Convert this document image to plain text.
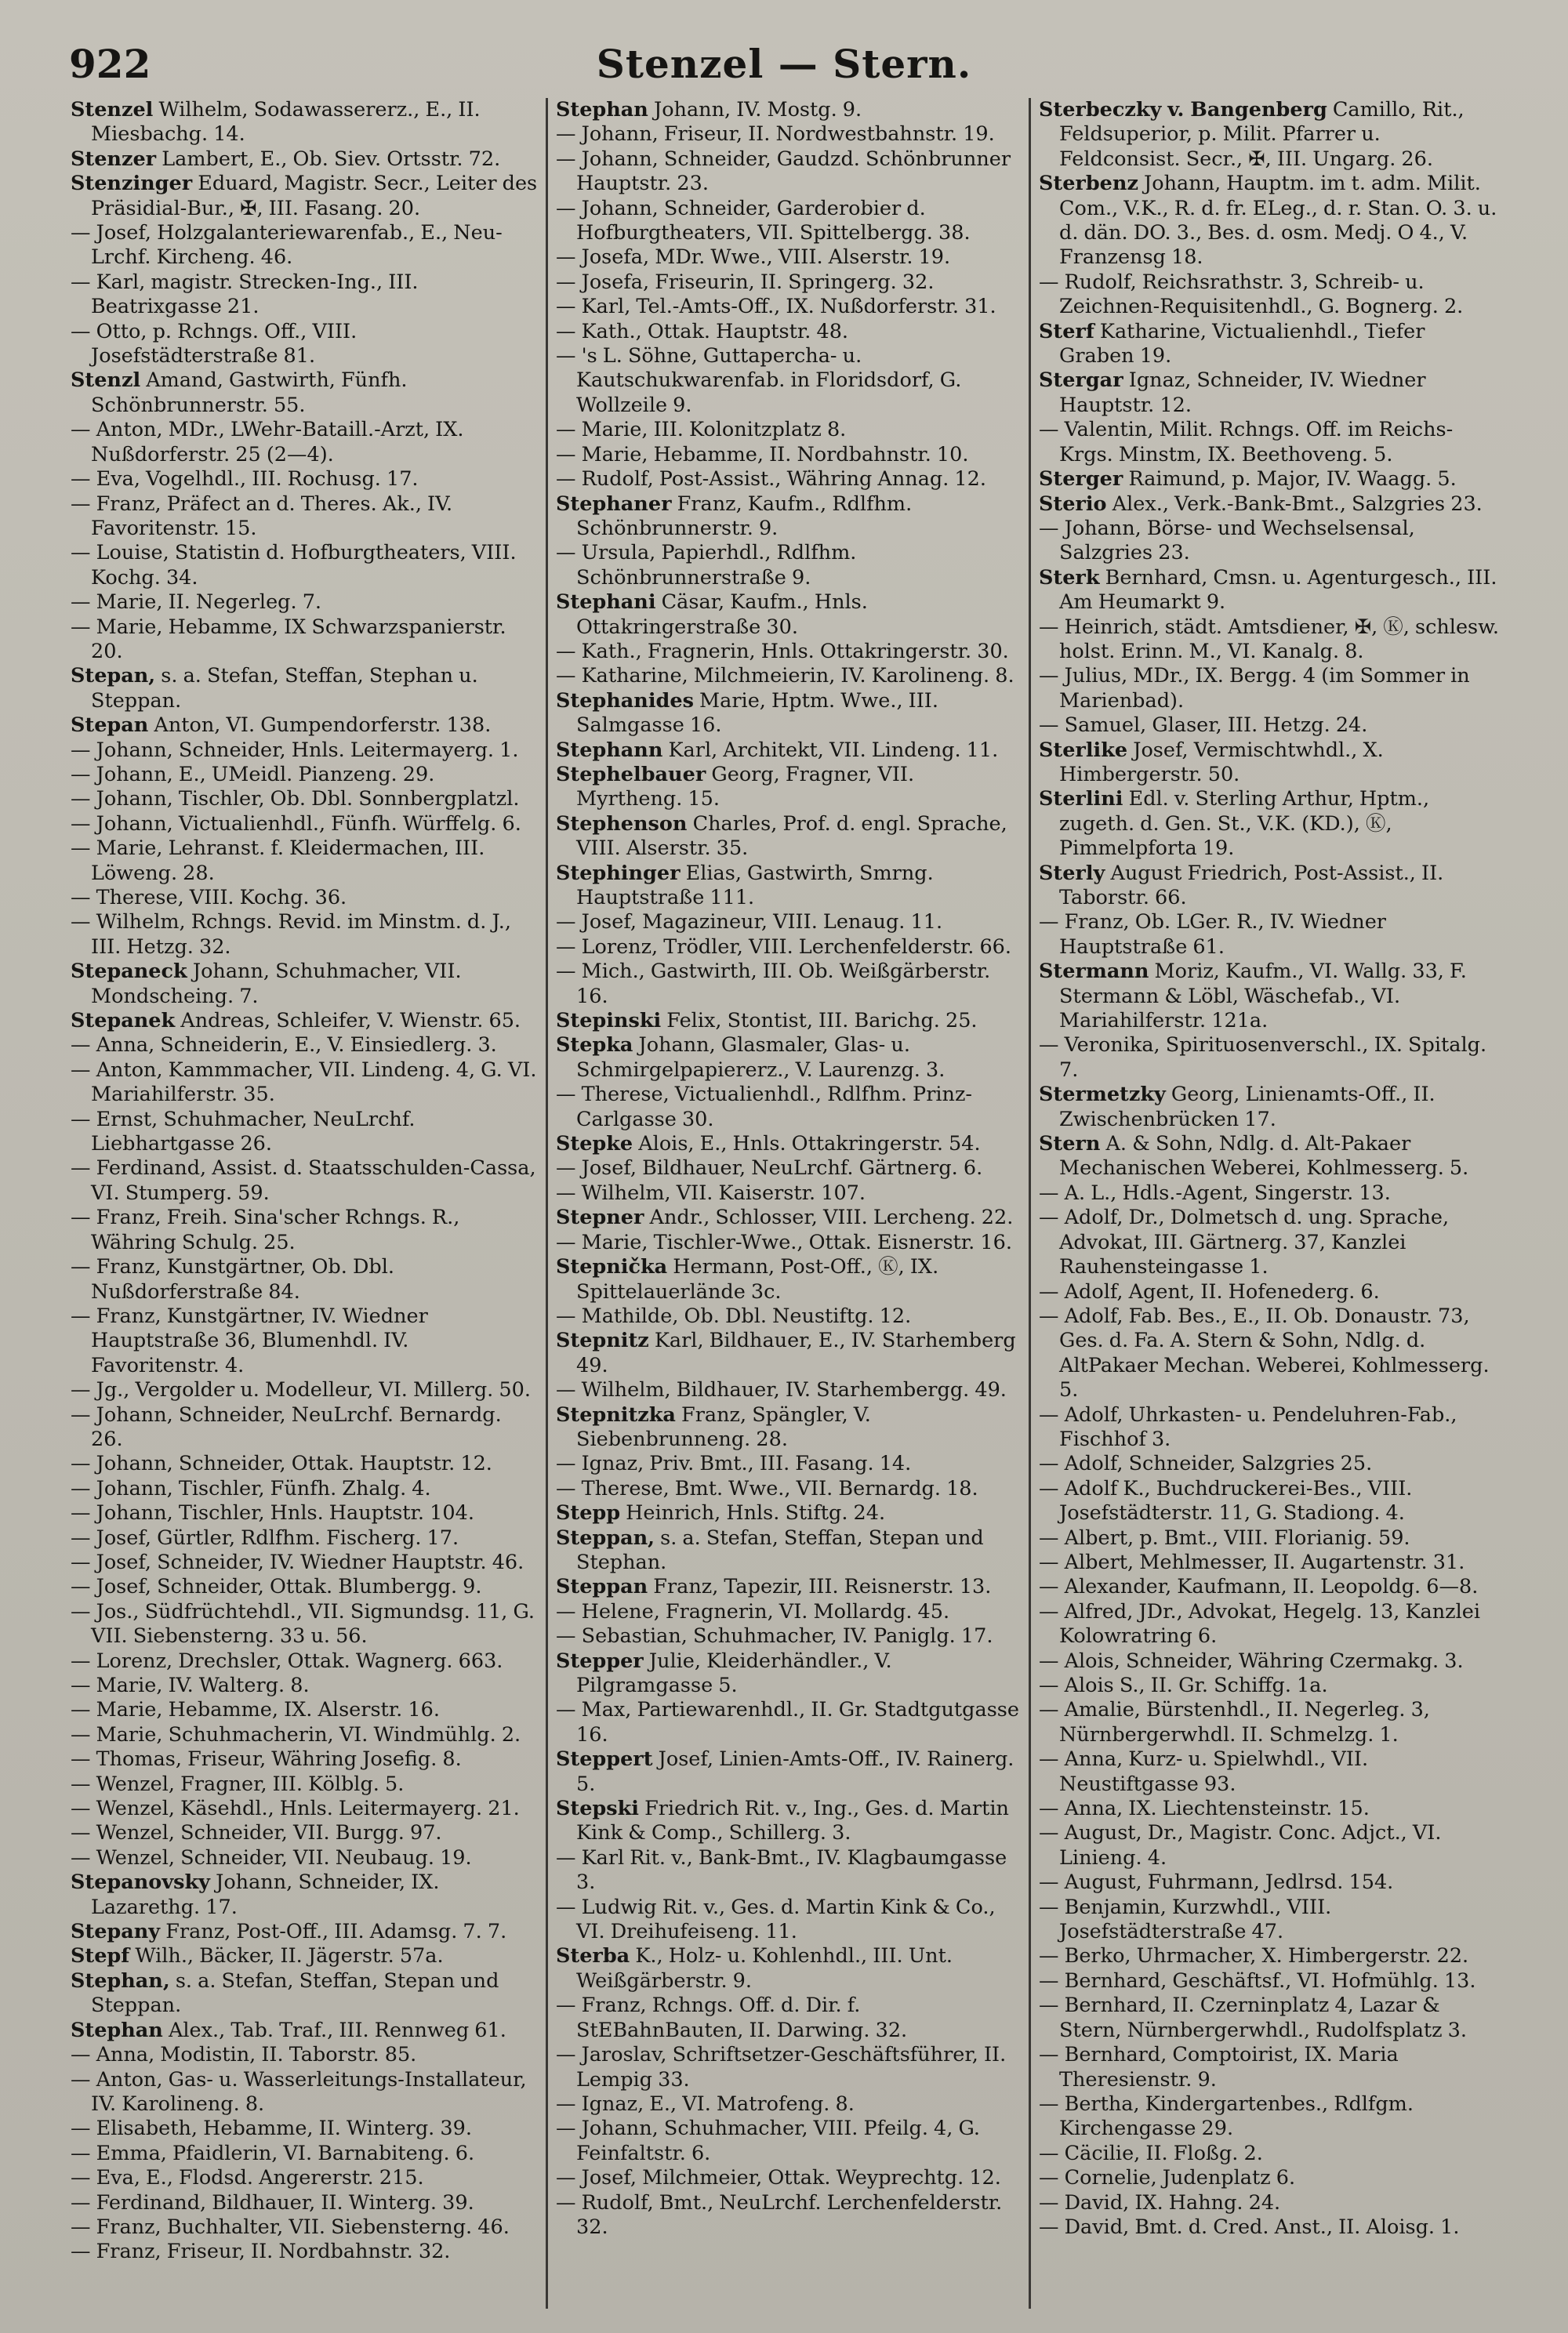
922	Stenzel — Stern.
Stenzel Wilhelm, Sodawassererz., E., II. Miesbachg. 14.
Stenzer Lambert, E., Ob. Siev. Ortsstr. 72.
Stenzinger Eduard, Magistr. Secr., Leiter des Präsidial-Bur., ✠, III. Fasang. 20.
— Josef, Holzgalanteriewarenfab., E., Neu-Lrchf. Kircheng. 46.
— Karl, magistr. Strecken-Ing., III. Beatrixgasse 21.
— Otto, p. Rchngs. Off., VIII. Josefstädterstraße 81.
Stenzl Amand, Gastwirth, Fünfh. Schönbrunnerstr. 55.
— Anton, MDr., LWehr-Bataill.-Arzt, IX. Nußdorferstr. 25 (2—4).
— Eva, Vogelhdl., III. Rochusg. 17.
— Franz, Präfect an d. Theres. Ak., IV. Favoritenstr. 15.
— Louise, Statistin d. Hofburgtheaters, VIII. Kochg. 34.
— Marie, II. Negerleg. 7.
— Marie, Hebamme, IX Schwarzspanierstr. 20.
Stepan, s. a. Stefan, Steffan, Stephan u. Steppan.
Stepan Anton, VI. Gumpendorferstr. 138.
— Johann, Schneider, Hnls. Leitermayerg. 1.
— Johann, E., UMeidl. Pianzeng. 29.
— Johann, Tischler, Ob. Dbl. Sonnbergplatzl.
— Johann, Victualienhdl., Fünfh. Würffelg. 6.
— Marie, Lehranst. f. Kleidermachen, III. Löweng. 28.
— Therese, VIII. Kochg. 36.
— Wilhelm, Rchngs. Revid. im Minstm. d. J., III. Hetzg. 32.
Stepaneck Johann, Schuhmacher, VII. Mondscheing. 7.
Stepanek Andreas, Schleifer, V. Wienstr. 65.
— Anna, Schneiderin, E., V. Einsiedlerg. 3.
— Anton, Kammmacher, VII. Lindeng. 4, G. VI. Mariahilferstr. 35.
— Ernst, Schuhmacher, NeuLrchf. Liebhartgasse 26.
— Ferdinand, Assist. d. Staatsschulden-Cassa, VI. Stumperg. 59.
— Franz, Freih. Sina'scher Rchngs. R., Währing Schulg. 25.
— Franz, Kunstgärtner, Ob. Dbl. Nußdorferstraße 84.
— Franz, Kunstgärtner, IV. Wiedner Hauptstraße 36, Blumenhdl. IV. Favoritenstr. 4.
— Jg., Vergolder u. Modelleur, VI. Millerg. 50.
— Johann, Schneider, NeuLrchf. Bernardg. 26.
— Johann, Schneider, Ottak. Hauptstr. 12.
— Johann, Tischler, Fünfh. Zhalg. 4.
— Johann, Tischler, Hnls. Hauptstr. 104.
— Josef, Gürtler, Rdlfhm. Fischerg. 17.
— Josef, Schneider, IV. Wiedner Hauptstr. 46.
— Josef, Schneider, Ottak. Blumbergg. 9.
— Jos., Südfrüchtehdl., VII. Sigmundsg. 11, G. VII. Siebensterng. 33 u. 56.
— Lorenz, Drechsler, Ottak. Wagnerg. 663.
— Marie, IV. Walterg. 8.
— Marie, Hebamme, IX. Alserstr. 16.
— Marie, Schuhmacherin, VI. Windmühlg. 2.
— Thomas, Friseur, Währing Josefig. 8.
— Wenzel, Fragner, III. Kölblg. 5.
— Wenzel, Käsehdl., Hnls. Leitermayerg. 21.
— Wenzel, Schneider, VII. Burgg. 97.
— Wenzel, Schneider, VII. Neubaug. 19.
Stepanovsky Johann, Schneider, IX. Lazarethg. 17.
Stepany Franz, Post-Off., III. Adamsg. 7. 7.
Stepf Wilh., Bäcker, II. Jägerstr. 57a.
Stephan, s. a. Stefan, Steffan, Stepan und Steppan.
Stephan Alex., Tab. Traf., III. Rennweg 61.
— Anna, Modistin, II. Taborstr. 85.
— Anton, Gas- u. Wasserleitungs-Installateur, IV. Karolineng. 8.
— Elisabeth, Hebamme, II. Winterg. 39.
— Emma, Pfaidlerin, VI. Barnabiteng. 6.
— Eva, E., Flodsd. Angererstr. 215.
— Ferdinand, Bildhauer, II. Winterg. 39.
— Franz, Buchhalter, VII. Siebensterng. 46.
— Franz, Friseur, II. Nordbahnstr. 32.
Stephan Johann, IV. Mostg. 9.
— Johann, Friseur, II. Nordwestbahnstr. 19.
— Johann, Schneider, Gaudzd. Schönbrunner Hauptstr. 23.
— Johann, Schneider, Garderobier d. Hofburgtheaters, VII. Spittelbergg. 38.
— Josefa, MDr. Wwe., VIII. Alserstr. 19.
— Josefa, Friseurin, II. Springerg. 32.
— Karl, Tel.-Amts-Off., IX. Nußdorferstr. 31.
— Kath., Ottak. Hauptstr. 48.
— 's L. Söhne, Guttapercha- u. Kautschukwarenfab. in Floridsdorf, G. Wollzeile 9.
— Marie, III. Kolonitzplatz 8.
— Marie, Hebamme, II. Nordbahnstr. 10.
— Rudolf, Post-Assist., Währing Annag. 12.
Stephaner Franz, Kaufm., Rdlfhm. Schönbrunnerstr. 9.
— Ursula, Papierhdl., Rdlfhm. Schönbrunnerstraße 9.
Stephani Cäsar, Kaufm., Hnls. Ottakringerstraße 30.
— Kath., Fragnerin, Hnls. Ottakringerstr. 30.
— Katharine, Milchmeierin, IV. Karolineng. 8.
Stephanides Marie, Hptm. Wwe., III. Salmgasse 16.
Stephann Karl, Architekt, VII. Lindeng. 11.
Stephelbauer Georg, Fragner, VII. Myrtheng. 15.
Stephenson Charles, Prof. d. engl. Sprache, VIII. Alserstr. 35.
Stephinger Elias, Gastwirth, Smrng. Hauptstraße 111.
— Josef, Magazineur, VIII. Lenaug. 11.
— Lorenz, Trödler, VIII. Lerchenfelderstr. 66.
— Mich., Gastwirth, III. Ob. Weißgärberstr. 16.
Stepinski Felix, Stontist, III. Barichg. 25.
Stepka Johann, Glasmaler, Glas- u. Schmirgelpapiererz., V. Laurenzg. 3.
— Therese, Victualienhdl., Rdlfhm. Prinz-Carlgasse 30.
Stepke Alois, E., Hnls. Ottakringerstr. 54.
— Josef, Bildhauer, NeuLrchf. Gärtnerg. 6.
— Wilhelm, VII. Kaiserstr. 107.
Stepner Andr., Schlosser, VIII. Lercheng. 22.
— Marie, Tischler-Wwe., Ottak. Eisnerstr. 16.
Stepnička Hermann, Post-Off., Ⓚ, IX. Spittelauerlände 3c.
— Mathilde, Ob. Dbl. Neustiftg. 12.
Stepnitz Karl, Bildhauer, E., IV. Starhemberg 49.
— Wilhelm, Bildhauer, IV. Starhembergg. 49.
Stepnitzka Franz, Spängler, V. Siebenbrunneng. 28.
— Ignaz, Priv. Bmt., III. Fasang. 14.
— Therese, Bmt. Wwe., VII. Bernardg. 18.
Stepp Heinrich, Hnls. Stiftg. 24.
Steppan, s. a. Stefan, Steffan, Stepan und Stephan.
Steppan Franz, Tapezir, III. Reisnerstr. 13.
— Helene, Fragnerin, VI. Mollardg. 45.
— Sebastian, Schuhmacher, IV. Paniglg. 17.
Stepper Julie, Kleiderhändler., V. Pilgramgasse 5.
— Max, Partiewarenhdl., II. Gr. Stadtgutgasse 16.
Steppert Josef, Linien-Amts-Off., IV. Rainerg. 5.
Stepski Friedrich Rit. v., Ing., Ges. d. Martin Kink & Comp., Schillerg. 3.
— Karl Rit. v., Bank-Bmt., IV. Klagbaumgasse 3.
— Ludwig Rit. v., Ges. d. Martin Kink & Co., VI. Dreihufeiseng. 11.
Sterba K., Holz- u. Kohlenhdl., III. Unt. Weißgärberstr. 9.
— Franz, Rchngs. Off. d. Dir. f. StEBahnBauten, II. Darwing. 32.
— Jaroslav, Schriftsetzer-Geschäftsführer, II. Lempig 33.
— Ignaz, E., VI. Matrofeng. 8.
— Johann, Schuhmacher, VIII. Pfeilg. 4, G. Feinfaltstr. 6.
— Josef, Milchmeier, Ottak. Weyprechtg. 12.
— Rudolf, Bmt., NeuLrchf. Lerchenfelderstr. 32.
Sterbeczky v. Bangenberg Camillo, Rit., Feldsuperior, p. Milit. Pfarrer u. Feldconsist. Secr., ✠, III. Ungarg. 26.
Sterbenz Johann, Hauptm. im t. adm. Milit. Com., V.K., R. d. fr. ELeg., d. r. Stan. O. 3. u. d. dän. DO. 3., Bes. d. osm. Medj. O 4., V. Franzensg 18.
— Rudolf, Reichsrathstr. 3, Schreib- u. Zeichnen-Requisitenhdl., G. Bognerg. 2.
Sterf Katharine, Victualienhdl., Tiefer Graben 19.
Stergar Ignaz, Schneider, IV. Wiedner Hauptstr. 12.
— Valentin, Milit. Rchngs. Off. im Reichs-Krgs. Minstm, IX. Beethoveng. 5.
Sterger Raimund, p. Major, IV. Waagg. 5.
Sterio Alex., Verk.-Bank-Bmt., Salzgries 23.
— Johann, Börse- und Wechselsensal, Salzgries 23.
Sterk Bernhard, Cmsn. u. Agenturgesch., III. Am Heumarkt 9.
— Heinrich, städt. Amtsdiener, ✠, Ⓚ, schlesw. holst. Erinn. M., VI. Kanalg. 8.
— Julius, MDr., IX. Bergg. 4 (im Sommer in Marienbad).
— Samuel, Glaser, III. Hetzg. 24.
Sterlike Josef, Vermischtwhdl., X. Himbergerstr. 50.
Sterlini Edl. v. Sterling Arthur, Hptm., zugeth. d. Gen. St., V.K. (KD.), Ⓚ, Pimmelpforta 19.
Sterly August Friedrich, Post-Assist., II. Taborstr. 66.
— Franz, Ob. LGer. R., IV. Wiedner Hauptstraße 61.
Stermann Moriz, Kaufm., VI. Wallg. 33, F. Stermann & Löbl, Wäschefab., VI. Mariahilferstr. 121a.
— Veronika, Spirituosenverschl., IX. Spitalg. 7.
Stermetzky Georg, Linienamts-Off., II. Zwischenbrücken 17.
Stern A. & Sohn, Ndlg. d. Alt-Pakaer Mechanischen Weberei, Kohlmesserg. 5.
— A. L., Hdls.-Agent, Singerstr. 13.
— Adolf, Dr., Dolmetsch d. ung. Sprache, Advokat, III. Gärtnerg. 37, Kanzlei Rauhensteingasse 1.
— Adolf, Agent, II. Hofenederg. 6.
— Adolf, Fab. Bes., E., II. Ob. Donaustr. 73, Ges. d. Fa. A. Stern & Sohn, Ndlg. d. AltPakaer Mechan. Weberei, Kohlmesserg. 5.
— Adolf, Uhrkasten- u. Pendeluhren-Fab., Fischhof 3.
— Adolf, Schneider, Salzgries 25.
— Adolf K., Buchdruckerei-Bes., VIII. Josefstädterstr. 11, G. Stadiong. 4.
— Albert, p. Bmt., VIII. Florianig. 59.
— Albert, Mehlmesser, II. Augartenstr. 31.
— Alexander, Kaufmann, II. Leopoldg. 6—8.
— Alfred, JDr., Advokat, Hegelg. 13, Kanzlei Kolowratring 6.
— Alois, Schneider, Währing Czermakg. 3.
— Alois S., II. Gr. Schiffg. 1a.
— Amalie, Bürstenhdl., II. Negerleg. 3, Nürnbergerwhdl. II. Schmelzg. 1.
— Anna, Kurz- u. Spielwhdl., VII. Neustiftgasse 93.
— Anna, IX. Liechtensteinstr. 15.
— August, Dr., Magistr. Conc. Adjct., VI. Linieng. 4.
— August, Fuhrmann, Jedlrsd. 154.
— Benjamin, Kurzwhdl., VIII. Josefstädterstraße 47.
— Berko, Uhrmacher, X. Himbergerstr. 22.
— Bernhard, Geschäftsf., VI. Hofmühlg. 13.
— Bernhard, II. Czerninplatz 4, Lazar & Stern, Nürnbergerwhdl., Rudolfsplatz 3.
— Bernhard, Comptoirist, IX. Maria Theresienstr. 9.
— Bertha, Kindergartenbes., Rdlfgm. Kirchengasse 29.
— Cäcilie, II. Floßg. 2.
— Cornelie, Judenplatz 6.
— David, IX. Hahng. 24.
— David, Bmt. d. Cred. Anst., II. Aloisg. 1.
